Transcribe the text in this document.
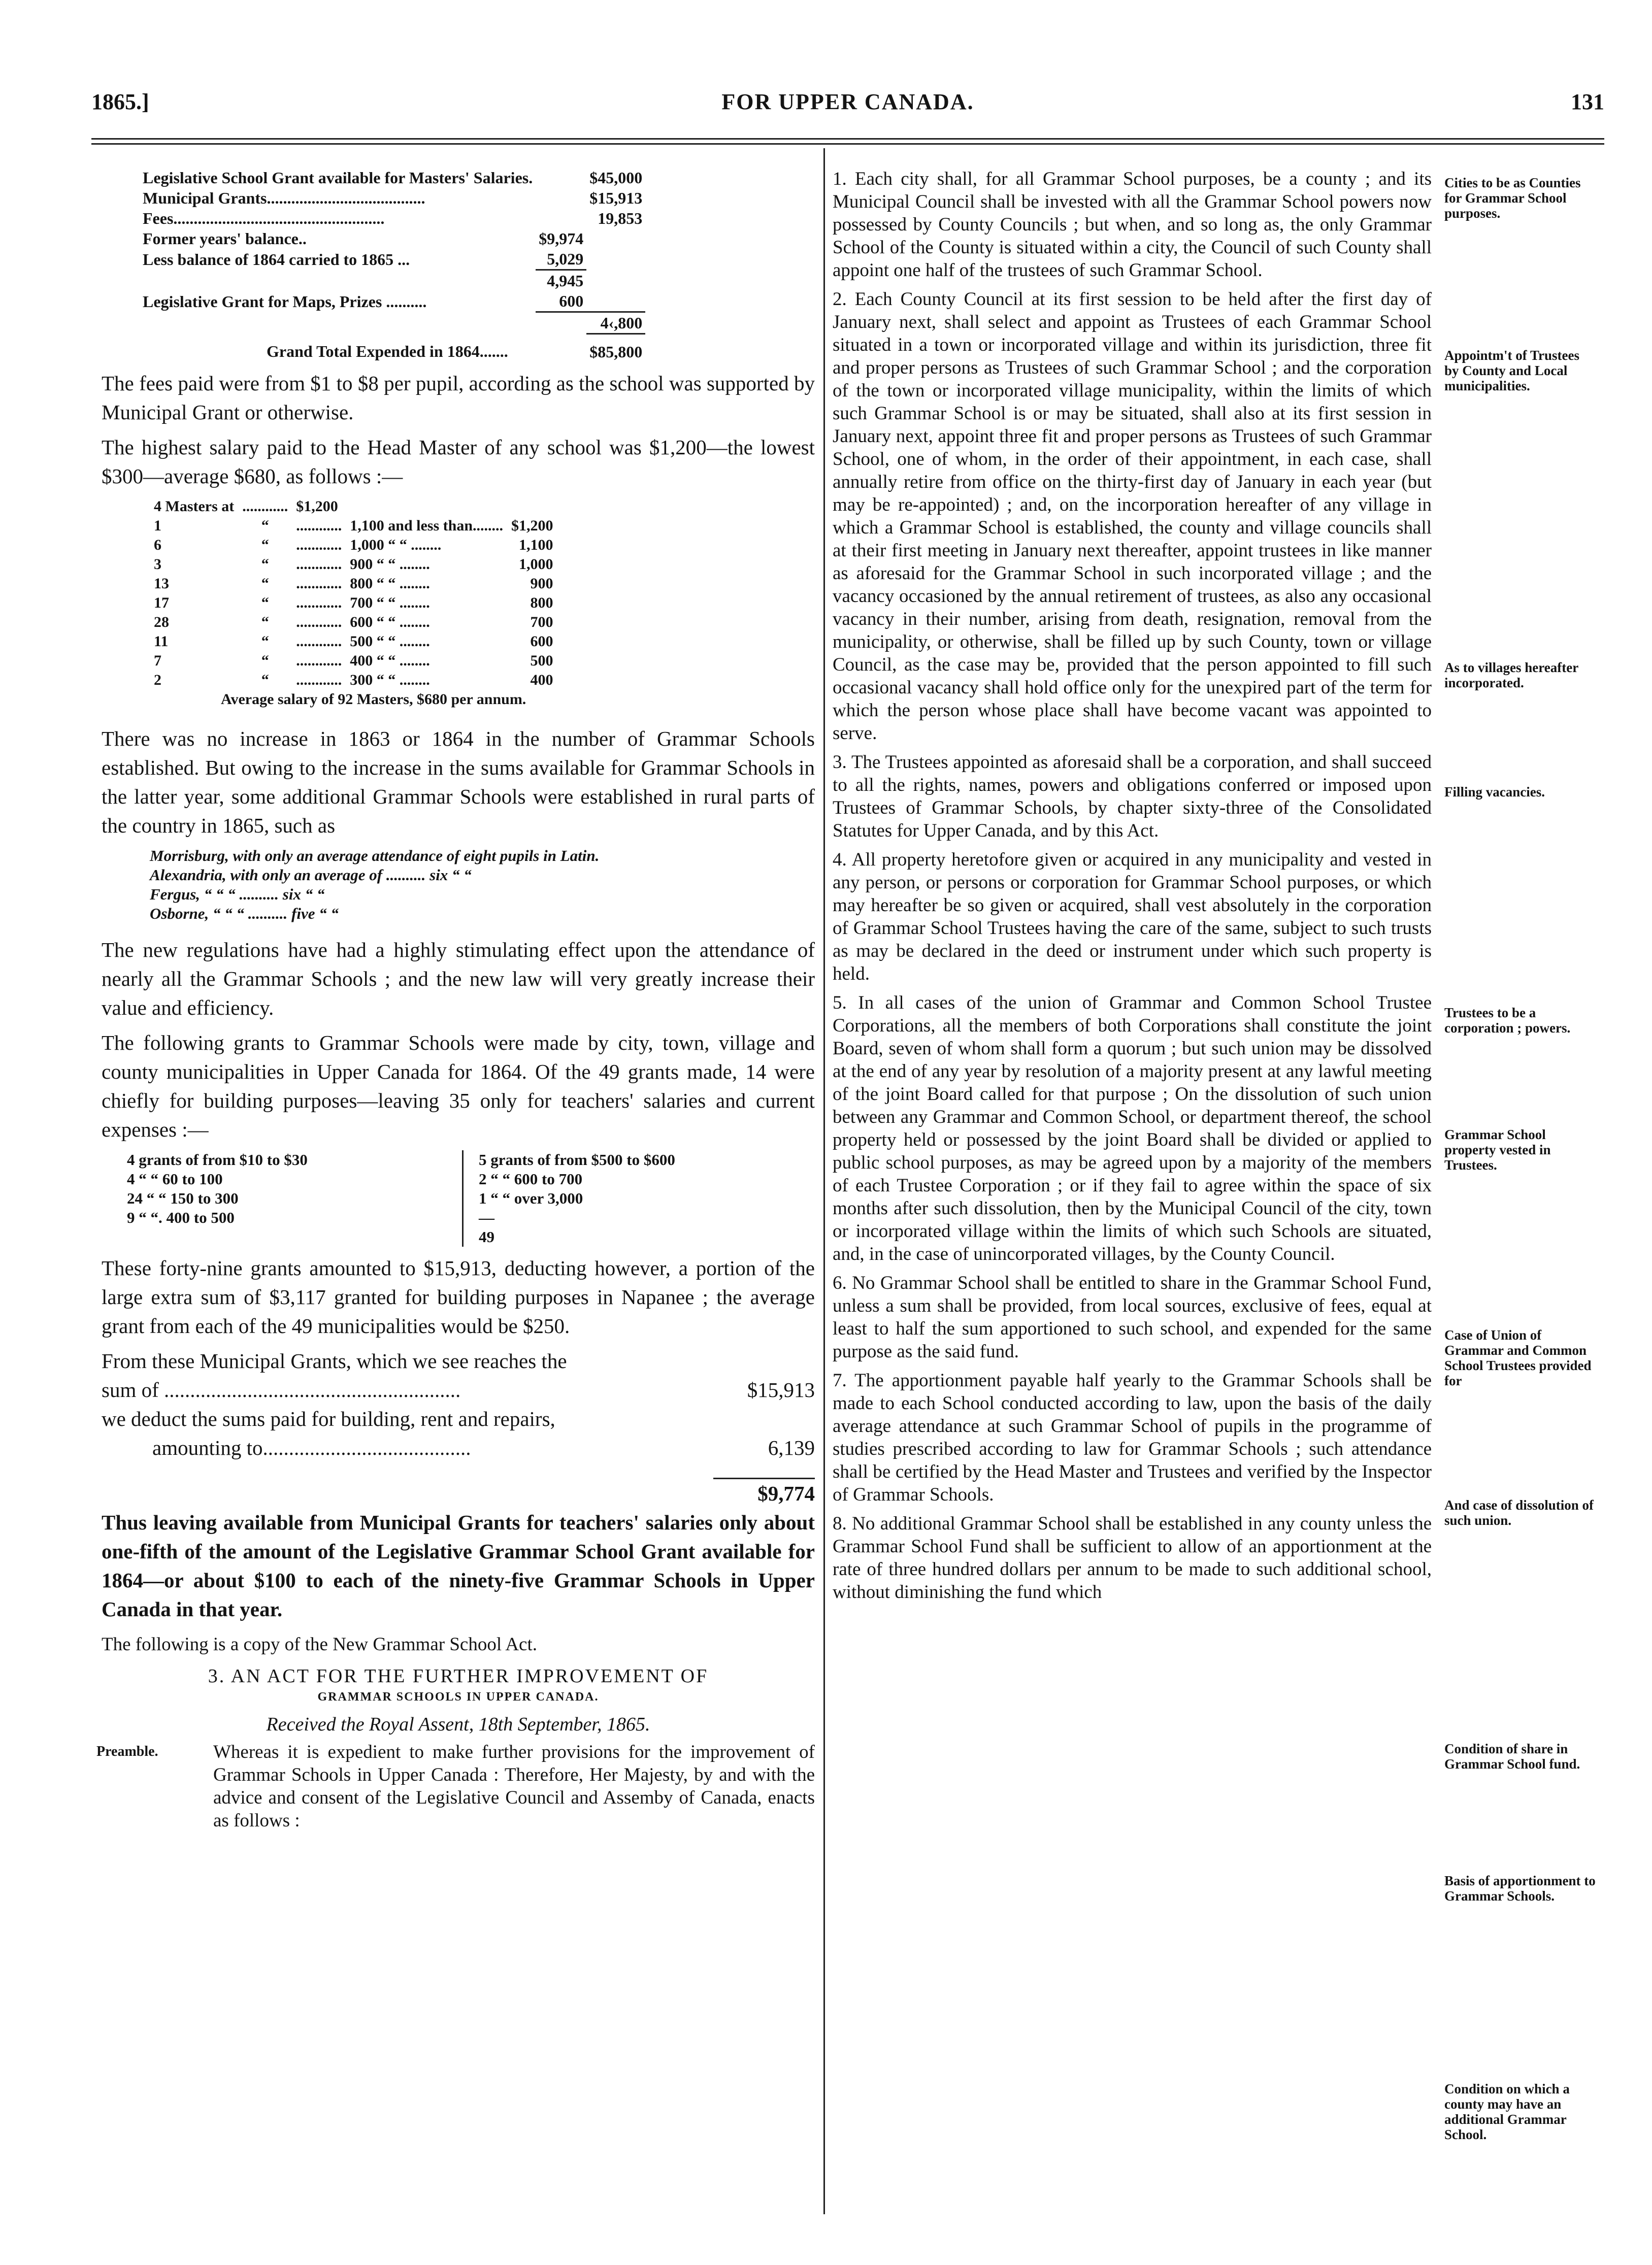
1865.]	FOR UPPER CANADA.	131
Legislative School Grant available for Masters' Salaries.		$45,000
Municipal Grants.......................................		$15,913
Fees....................................................		19,853
Former years' balance..	$9,974	
Less balance of 1864 carried to 1865 ...	5,029	
	4,945	
Legislative Grant for Maps, Prizes ..........	600	
		4‹,800
Grand Total Expended in 1864.......		$85,800

The fees paid were from $1 to $8 per pupil, according as the school was supported by Municipal Grant or otherwise.

The highest salary paid to the Head Master of any school was $1,200—the lowest $300—average $680, as follows :—

4 Masters at	............	$1,200		
1	“	............	1,100 and less than........	$1,200
6	“	............	1,000 “ “ ........	1,100
3	“	............	900 “ “ ........	1,000
13	“	............	800 “ “ ........	900
17	“	............	700 “ “ ........	800
28	“	............	600 “ “ ........	700
11	“	............	500 “ “ ........	600
7	“	............	400 “ “ ........	500
2	“	............	300 “ “ ........	400
Average salary of 92 Masters, $680 per annum.				

There was no increase in 1863 or 1864 in the number of Grammar Schools established. But owing to the increase in the sums available for Grammar Schools in the latter year, some additional Grammar Schools were established in rural parts of the country in 1865, such as

Morrisburg, with only an average attendance of eight pupils in Latin.
Alexandria, with only an average of .......... six “ “
Fergus, “ “ “ .......... six “ “
Osborne, “ “ “ .......... five “ “

The new regulations have had a highly stimulating effect upon the attendance of nearly all the Grammar Schools ; and the new law will very greatly increase their value and efficiency.

The following grants to Grammar Schools were made by city, town, village and county municipalities in Upper Canada for 1864. Of the 49 grants made, 14 were chiefly for building purposes—leaving 35 only for teachers' salaries and current expenses :—

4 grants of from $10 to $30
4 “ “ 60 to 100
24 “ “ 150 to 300
9 “ “. 400 to 500
5 grants of from $500 to $600
2 “ “ 600 to 700
1 “ “ over 3,000
—
49

These forty-nine grants amounted to $15,913, deducting however, a portion of the large extra sum of $3,117 granted for building purposes in Napanee ; the average grant from each of the 49 municipalities would be $250.

From these Municipal Grants, which we see reaches the

sum of .........................................................	$15,913
we deduct the sums paid for building, rent and repairs,
amounting to........................................	6,139
$9,774

Thus leaving available from Municipal Grants for teachers' salaries only about one-fifth of the amount of the Legislative Grammar School Grant available for 1864—or about $100 to each of the ninety-five Grammar Schools in Upper Canada in that year.

The following is a copy of the New Grammar School Act.

3. AN ACT FOR THE FURTHER IMPROVEMENT OF
GRAMMAR SCHOOLS IN UPPER CANADA.
Received the Royal Assent, 18th September, 1865.
Preamble.	Whereas it is expedient to make further provisions for the improvement of Grammar Schools in Upper Canada : Therefore, Her Majesty, by and with the advice and consent of the Legislative Council and Assemby of Canada, enacts as follows :

1. Each city shall, for all Grammar School purposes, be a county ; and its Municipal Council shall be invested with all the Grammar School powers now possessed by County Councils ; but when, and so long as, the only Grammar School of the County is situated within a city, the Council of such County shall appoint one half of the trustees of such Grammar School.

2. Each County Council at its first session to be held after the first day of January next, shall select and appoint as Trustees of each Grammar School situated in a town or incorporated village and within its jurisdiction, three fit and proper persons as Trustees of such Grammar School ; and the corporation of the town or incorporated village municipality, within the limits of which such Grammar School is or may be situated, shall also at its first session in January next, appoint three fit and proper persons as Trustees of such Grammar School, one of whom, in the order of their appointment, in each case, shall annually retire from office on the thirty-first day of January in each year (but may be re-appointed) ; and, on the incorporation hereafter of any village in which a Grammar School is established, the county and village councils shall at their first meeting in January next thereafter, appoint trustees in like manner as aforesaid for the Grammar School in such incorporated village ; and the vacancy occasioned by the annual retirement of trustees, as also any occasional vacancy in their number, arising from death, resignation, removal from the municipality, or otherwise, shall be filled up by such County, town or village Council, as the case may be, provided that the person appointed to fill such occasional vacancy shall hold office only for the unexpired part of the term for which the person whose place shall have become vacant was appointed to serve.

3. The Trustees appointed as aforesaid shall be a corporation, and shall succeed to all the rights, names, powers and obligations conferred or imposed upon Trustees of Grammar Schools, by chapter sixty-three of the Consolidated Statutes for Upper Canada, and by this Act.

4. All property heretofore given or acquired in any municipality and vested in any person, or persons or corporation for Grammar School purposes, or which may hereafter be so given or acquired, shall vest absolutely in the corporation of Grammar School Trustees having the care of the same, subject to such trusts as may be declared in the deed or instrument under which such property is held.

5. In all cases of the union of Grammar and Common School Trustee Corporations, all the members of both Corporations shall constitute the joint Board, seven of whom shall form a quorum ; but such union may be dissolved at the end of any year by resolution of a majority present at any lawful meeting of the joint Board called for that purpose ; On the dissolution of such union between any Grammar and Common School, or department thereof, the school property held or possessed by the joint Board shall be divided or applied to public school purposes, as may be agreed upon by a majority of the members of each Trustee Corporation ; or if they fail to agree within the space of six months after such dissolution, then by the Municipal Council of the city, town or incorporated village within the limits of which such Schools are situated, and, in the case of unincorporated villages, by the County Council.

6. No Grammar School shall be entitled to share in the Grammar School Fund, unless a sum shall be provided, from local sources, exclusive of fees, equal at least to half the sum apportioned to such school, and expended for the same purpose as the said fund.

7. The apportionment payable half yearly to the Grammar Schools shall be made to each School conducted according to law, upon the basis of the daily average attendance at such Grammar School of pupils in the programme of studies prescribed according to law for Grammar Schools ; such attendance shall be certified by the Head Master and Trustees and verified by the Inspector of Grammar Schools.

8. No additional Grammar School shall be established in any county unless the Grammar School Fund shall be sufficient to allow of an apportionment at the rate of three hundred dollars per annum to be made to such additional school, without diminishing the fund which

Cities to be as Counties for Grammar School purposes.
Appointm't of Trustees by County and Local municipalities.
As to villages hereafter incorporated.
Filling vacancies.
Trustees to be a corporation ; powers.
Grammar School property vested in Trustees.
Case of Union of Grammar and Common School Trustees provided for
And case of dissolution of such union.
Condition of share in Grammar School fund.
Basis of apportionment to Grammar Schools.
Condition on which a county may have an additional Grammar School.
